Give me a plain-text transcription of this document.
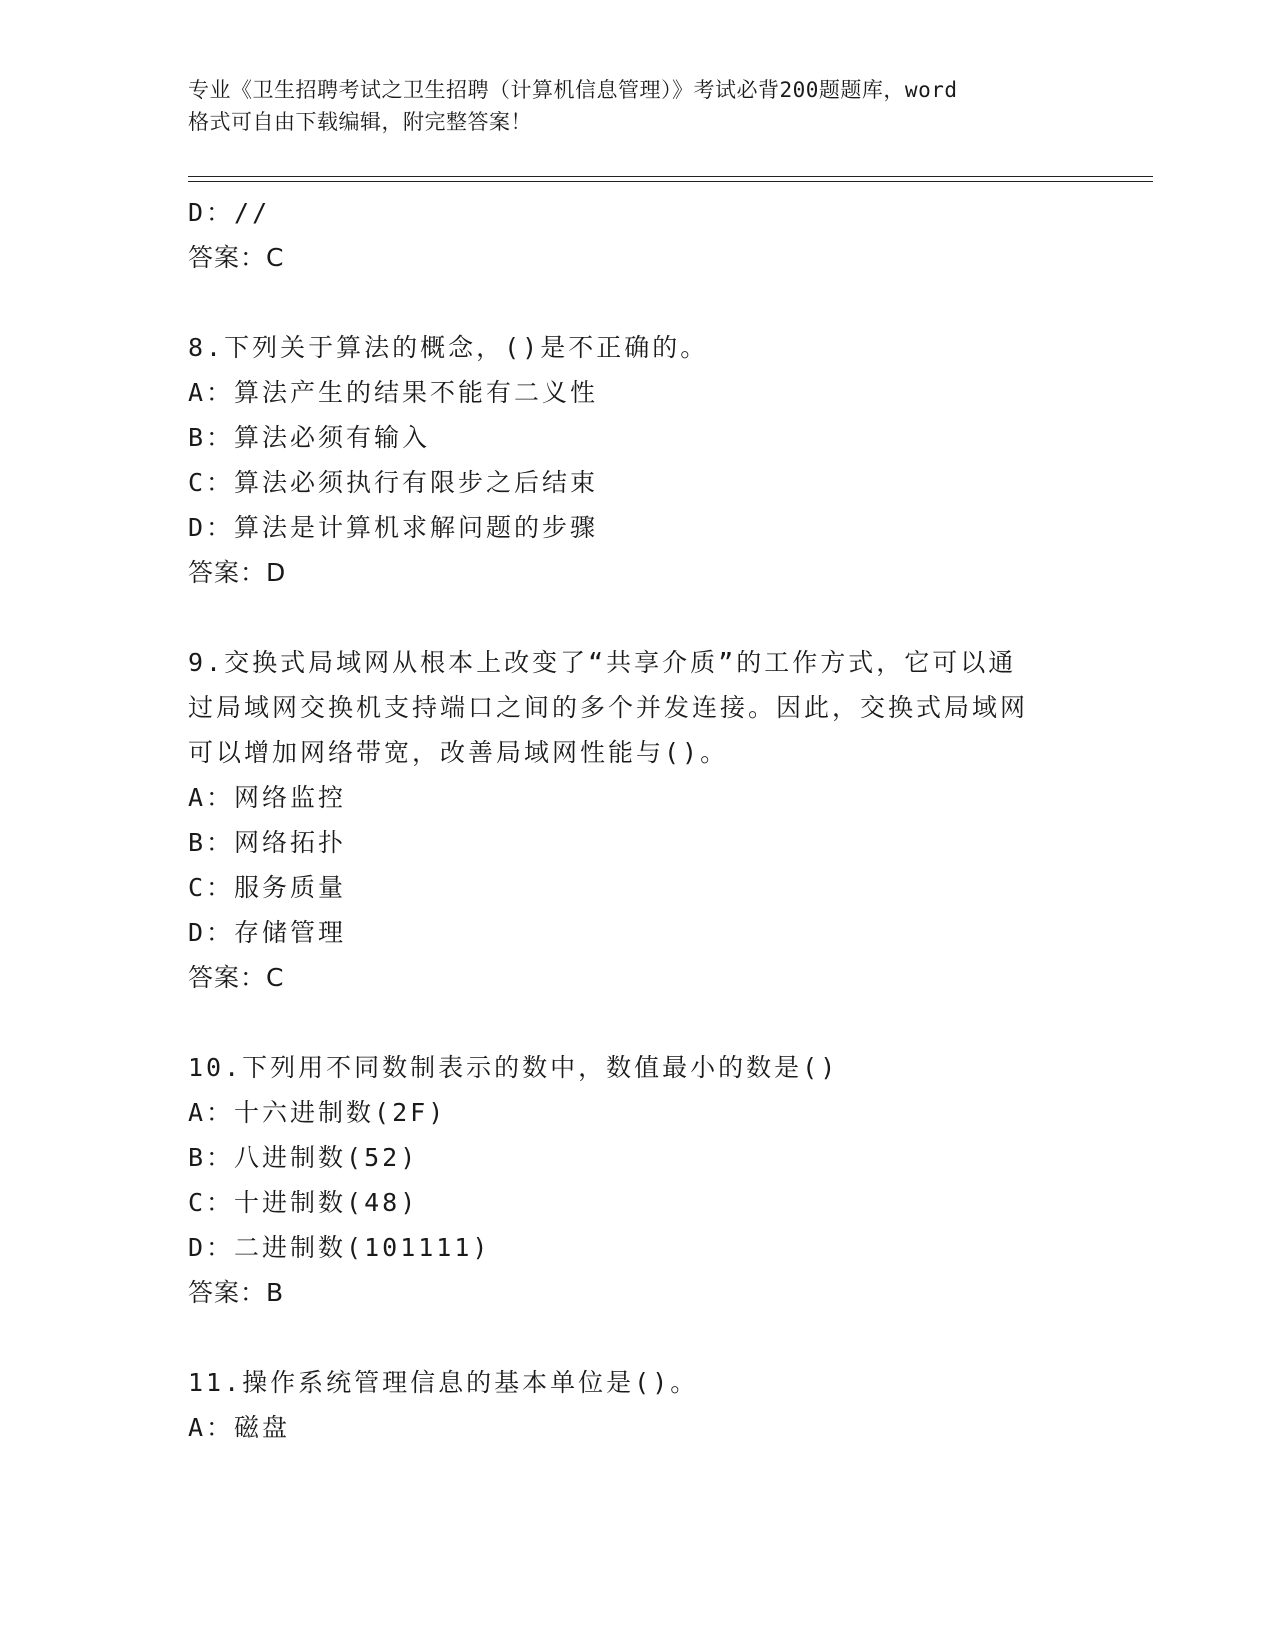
专业《卫生招聘考试之卫生招聘（计算机信息管理）》考试必背200题题库，word
格式可自由下载编辑，附完整答案！
D：//
答案：C
8.下列关于算法的概念，()是不正确的。
A：算法产生的结果不能有二义性
B：算法必须有输入
C：算法必须执行有限步之后结束
D：算法是计算机求解问题的步骤
答案：D
9.交换式局域网从根本上改变了“共享介质”的工作方式，它可以通
过局域网交换机支持端口之间的多个并发连接。因此，交换式局域网
可以增加网络带宽，改善局域网性能与()。
A：网络监控
B：网络拓扑
C：服务质量
D：存储管理
答案：C
10.下列用不同数制表示的数中，数值最小的数是()
A：十六进制数(2F)
B：八进制数(52)
C：十进制数(48)
D：二进制数(101111)
答案：B
11.操作系统管理信息的基本单位是()。
A：磁盘
